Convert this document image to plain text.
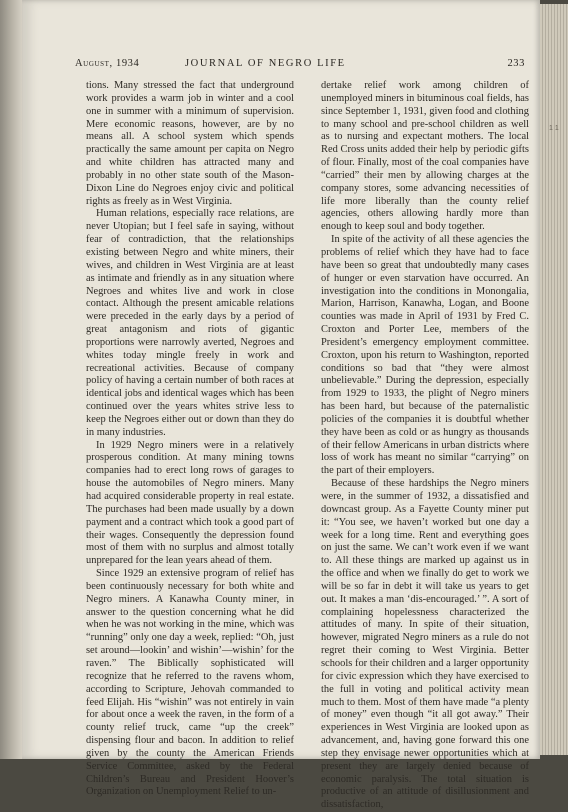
August, 1934	JOURNAL OF NEGRO LIFE	233

tions. Many stressed the fact that underground work provides a warm job in winter and a cool one in summer with a minimum of supervision. Mere economic reasons, however, are by no means all. A school system which spends practically the same amount per capita on Negro and white children has attracted many and probably in no other state south of the Mason-Dixon Line do Negroes enjoy civic and political rights as freely as in West Virginia.

Human relations, especially race relations, are never Utopian; but I feel safe in saying, without fear of contradiction, that the relationships existing between Negro and white miners, their wives, and children in West Virginia are at least as intimate and friendly as in any situation where Negroes and whites live and work in close contact. Although the present amicable relations were preceded in the early days by a period of great antagonism and riots of gigantic proportions were narrowly averted, Negroes and whites today mingle freely in work and recreational activities. Because of company policy of having a certain number of both races at identical jobs and identical wages which has been continued over the years whites strive less to keep the Negroes either out or down than they do in many industries.

In 1929 Negro miners were in a relatively prosperous condition. At many mining towns companies had to erect long rows of garages to house the automobiles of Negro miners. Many had acquired considerable property in real estate. The purchases had been made usually by a down payment and a contract which took a good part of their wages. Consequently the depression found most of them with no surplus and almost totally unprepared for the lean years ahead of them.

Since 1929 an extensive program of relief has been continuously necessary for both white and Negro miners. A Kanawha County miner, in answer to the question concerning what he did when he was not working in the mine, which was “running” only one day a week, replied: “Oh, just set around—lookin’ and wishin’—wishin’ for the raven.” The Biblically sophisticated will recognize that he referred to the ravens whom, according to Scripture, Jehovah commanded to feed Elijah. His “wishin” was not entirely in vain for about once a week the raven, in the form of a county relief truck, came “up the creek” dispensing flour and bacon. In addition to relief given by the county the American Friends Service Committee, asked by the Federal Children’s Bureau and President Hoover’s Organization on Unemployment Relief to un-

dertake relief work among children of unemployed miners in bituminous coal fields, has since September 1, 1931, given food and clothing to many school and pre-school children as well as to nursing and expectant mothers. The local Red Cross units added their help by periodic gifts of flour. Finally, most of the coal companies have “carried” their men by allowing charges at the company stores, some advancing necessities of life more liberally than the county relief agencies, others allowing hardly more than enough to keep soul and body together.

In spite of the activity of all these agencies the problems of relief which they have had to face have been so great that undoubtedly many cases of hunger or even starvation have occurred. An investigation into the conditions in Monongalia, Marion, Harrison, Kanawha, Logan, and Boone counties was made in April of 1931 by Fred C. Croxton and Porter Lee, members of the President’s emergency employment committee. Croxton, upon his return to Washington, reported conditions so bad that “they were almost unbelievable.” During the depression, especially from 1929 to 1933, the plight of Negro miners has been hard, but because of the paternalistic policies of the companies it is doubtful whether they have been as cold or as hungry as thousands of their fellow Americans in urban districts where loss of work has meant no similar “carrying” on the part of their employers.

Because of these hardships the Negro miners were, in the summer of 1932, a dissatisfied and downcast group. As a Fayette County miner put it: “You see, we haven’t worked but one day a week for a long time. Rent and everything goes on just the same. We can’t work even if we want to. All these things are marked up against us in the office and when we finally do get to work we will be so far in debt it will take us years to get out. It makes a man ‘dis-encouraged.’ ”. A sort of complaining hopelessness characterized the attitudes of many. In spite of their situation, however, migrated Negro miners as a rule do not regret their coming to West Virginia. Better schools for their children and a larger opportunity for civic expression which they have exercised to the full in voting and political activity mean much to them. Most of them have made “a plenty of money” even though “it all got away.” Their experiences in West Virginia are looked upon as advancement, and, having gone forward this one step they envisage newer opportunities which at present they are largely denied because of economic paralysis. The total situation is productive of an attitude of disillusionment and dissatisfaction,

1 1
